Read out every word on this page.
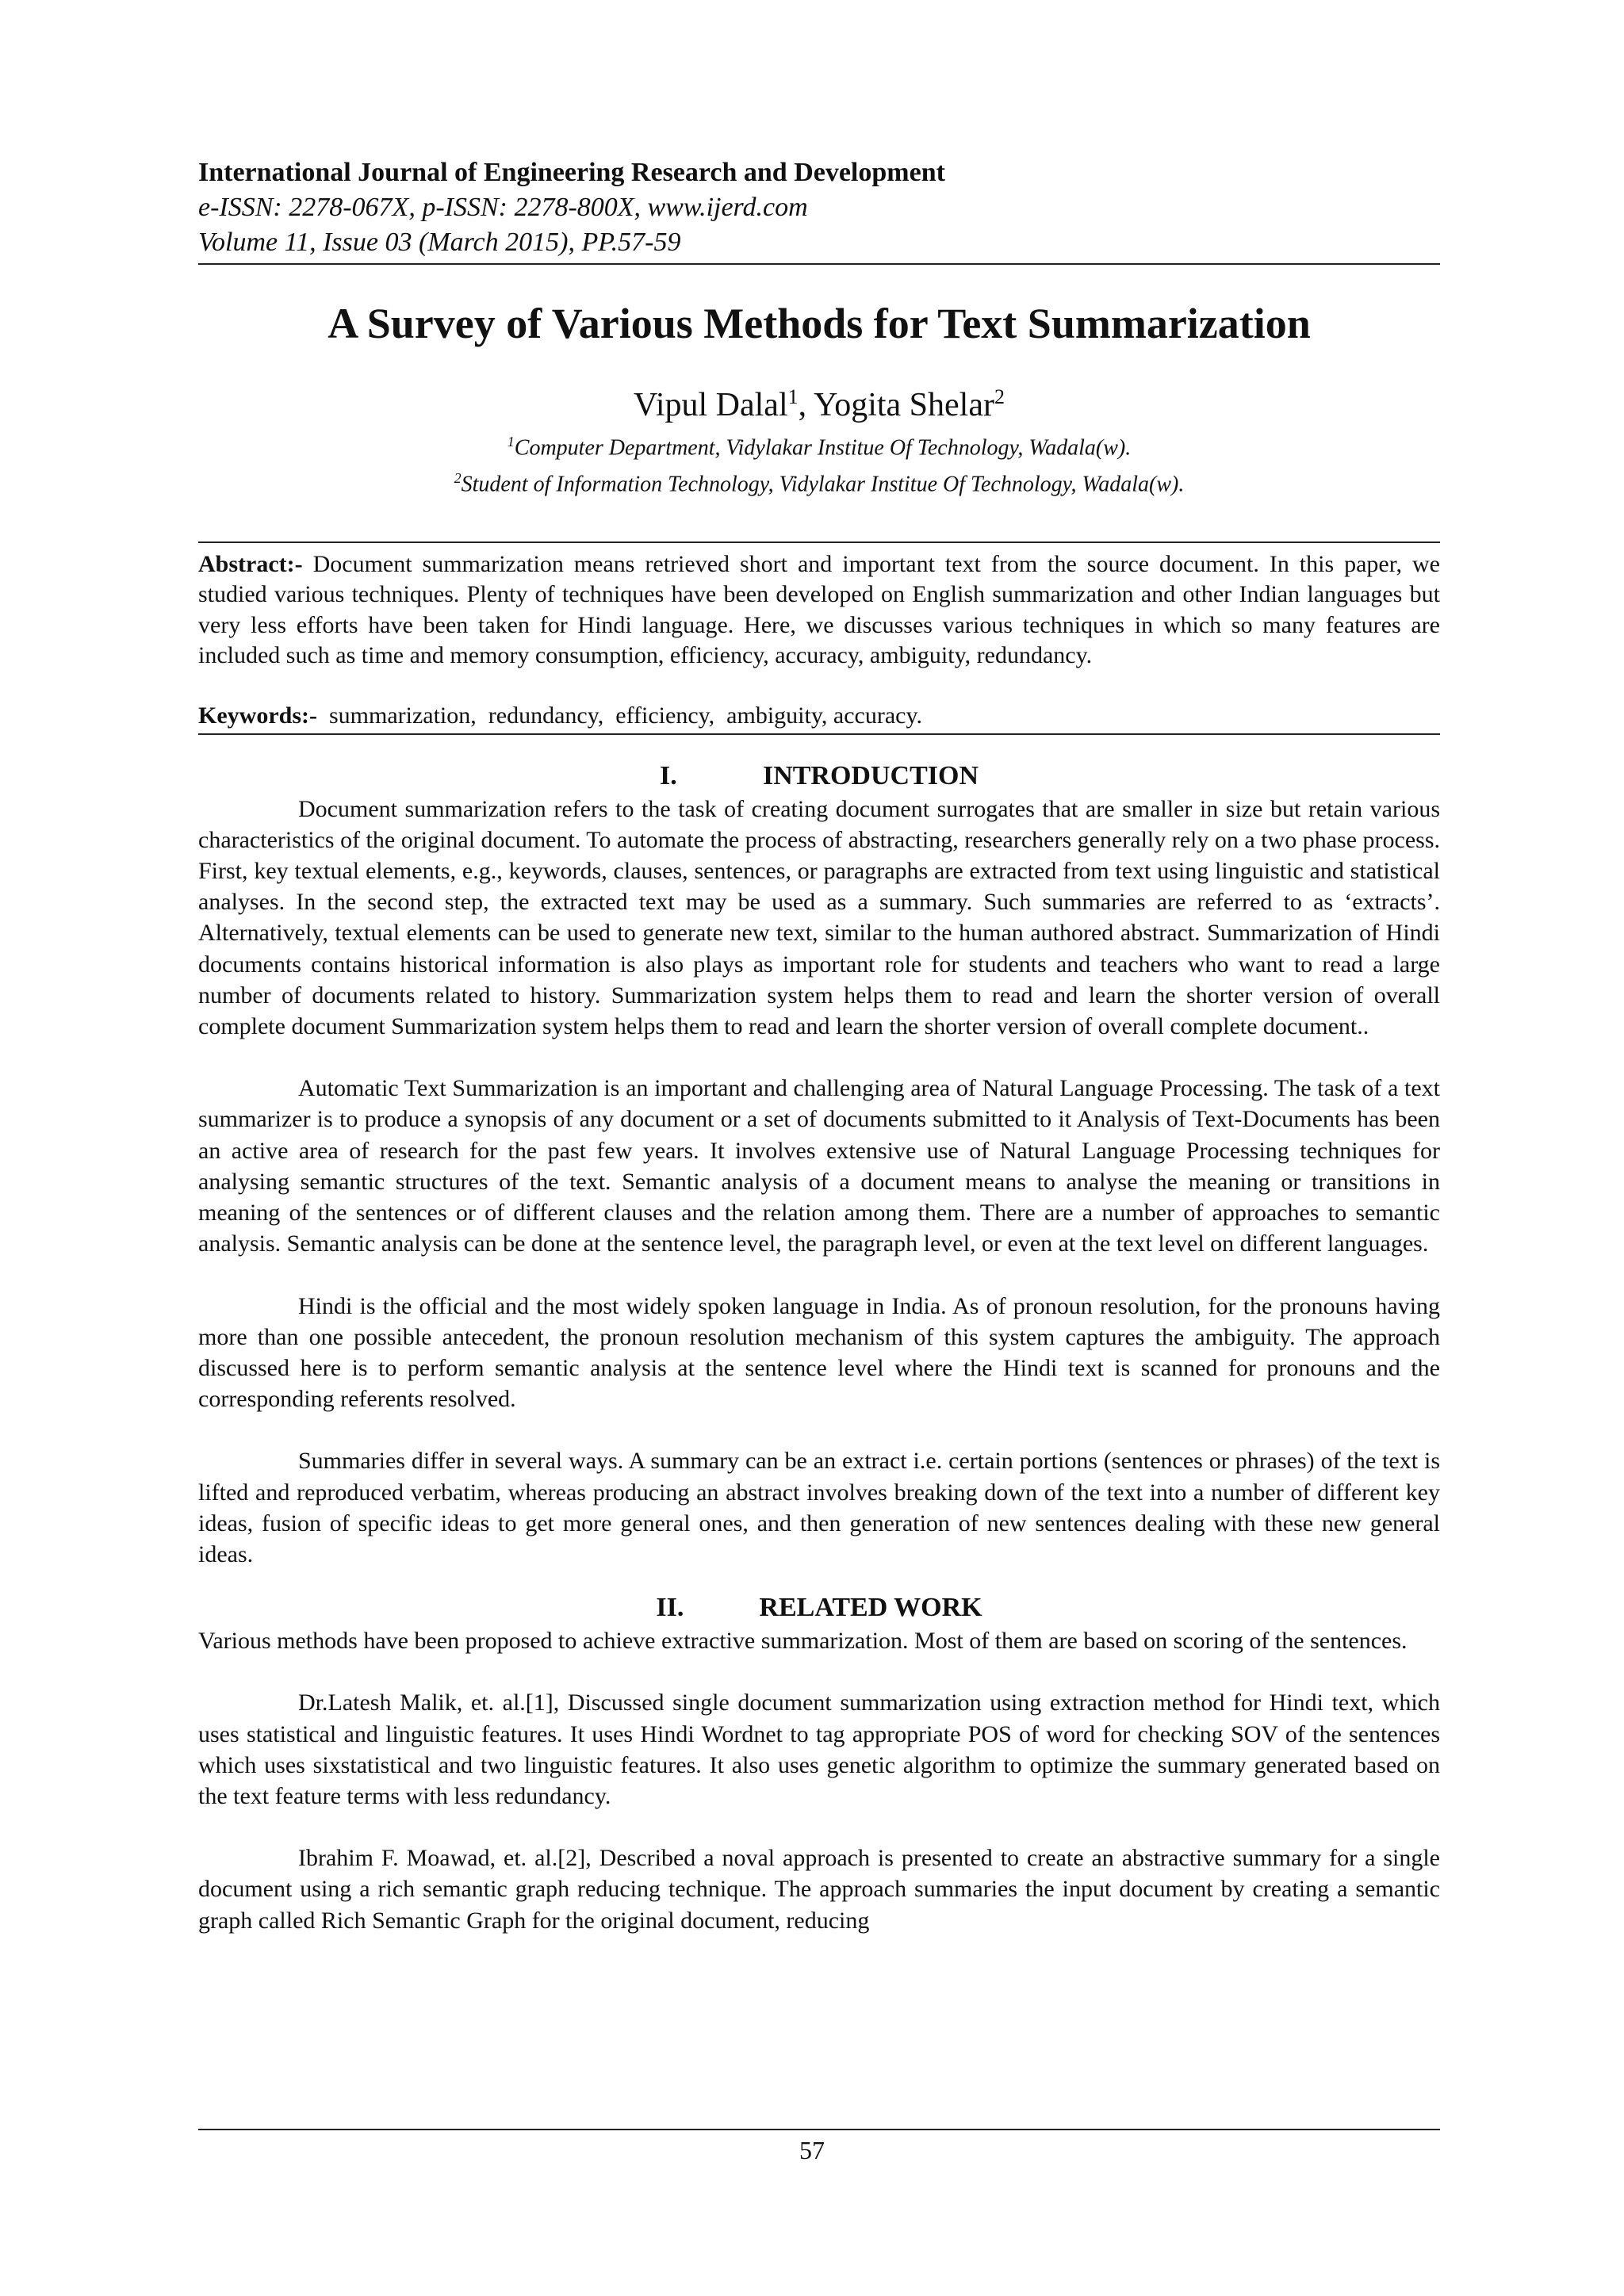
International Journal of Engineering Research and Development
e-ISSN: 2278-067X, p-ISSN: 2278-800X, www.ijerd.com
Volume 11, Issue 03 (March 2015), PP.57-59
A Survey of Various Methods for Text Summarization
Vipul Dalal$^1$, Yogita Shelar$^2$
$^1$Computer Department, Vidylakar Institue Of Technology, Wadala(w).
$^2$Student of Information Technology, Vidylakar Institue Of Technology, Wadala(w).
Abstract:- Document summarization means retrieved short and important text from the source document. In this paper, we studied various techniques. Plenty of techniques have been developed on English summarization and other Indian languages but very less efforts have been taken for Hindi language. Here, we discusses various techniques in which so many features are included such as time and memory consumption, efficiency, accuracy, ambiguity, redundancy.
Keywords:-  summarization,  redundancy,  efficiency,  ambiguity, accuracy.
I.	INTRODUCTION

Document summarization refers to the task of creating document surrogates that are smaller in size but retain various characteristics of the original document. To automate the process of abstracting, researchers generally rely on a two phase process. First, key textual elements, e.g., keywords, clauses, sentences, or paragraphs are extracted from text using linguistic and statistical analyses. In the second step, the extracted text may be used as a summary. Such summaries are referred to as ‘extracts’. Alternatively, textual elements can be used to generate new text, similar to the human authored abstract. Summarization of Hindi documents contains historical information is also plays as important role for students and teachers who want to read a large number of documents related to history. Summarization system helps them to read and learn the shorter version of overall complete document Summarization system helps them to read and learn the shorter version of overall complete document..

Automatic Text Summarization is an important and challenging area of Natural Language Processing. The task of a text summarizer is to produce a synopsis of any document or a set of documents submitted to it Analysis of Text-Documents has been an active area of research for the past few years. It involves extensive use of Natural Language Processing techniques for analysing semantic structures of the text. Semantic analysis of a document means to analyse the meaning or transitions in meaning of the sentences or of different clauses and the relation among them. There are a number of approaches to semantic analysis. Semantic analysis can be done at the sentence level, the paragraph level, or even at the text level on different languages.

Hindi is the official and the most widely spoken language in India. As of pronoun resolution, for the pronouns having more than one possible antecedent, the pronoun resolution mechanism of this system captures the ambiguity. The approach discussed here is to perform semantic analysis at the sentence level where the Hindi text is scanned for pronouns and the corresponding referents resolved.

Summaries differ in several ways. A summary can be an extract i.e. certain portions (sentences or phrases) of the text is lifted and reproduced verbatim, whereas producing an abstract involves breaking down of the text into a number of different key ideas, fusion of specific ideas to get more general ones, and then generation of new sentences dealing with these new general ideas.

II.	RELATED WORK

Various methods have been proposed to achieve extractive summarization. Most of them are based on scoring of the sentences.

Dr.Latesh Malik, et. al.[1], Discussed single document summarization using extraction method for Hindi text, which uses statistical and linguistic features. It uses Hindi Wordnet to tag appropriate POS of word for checking SOV of the sentences which uses sixstatistical and two linguistic features. It also uses genetic algorithm to optimize the summary generated based on the text feature terms with less redundancy.

Ibrahim F. Moawad, et. al.[2], Described a noval approach is presented to create an abstractive summary for a single document using a rich semantic graph reducing technique. The approach summaries the input document by creating a semantic graph called Rich Semantic Graph for the original document, reducing

57
